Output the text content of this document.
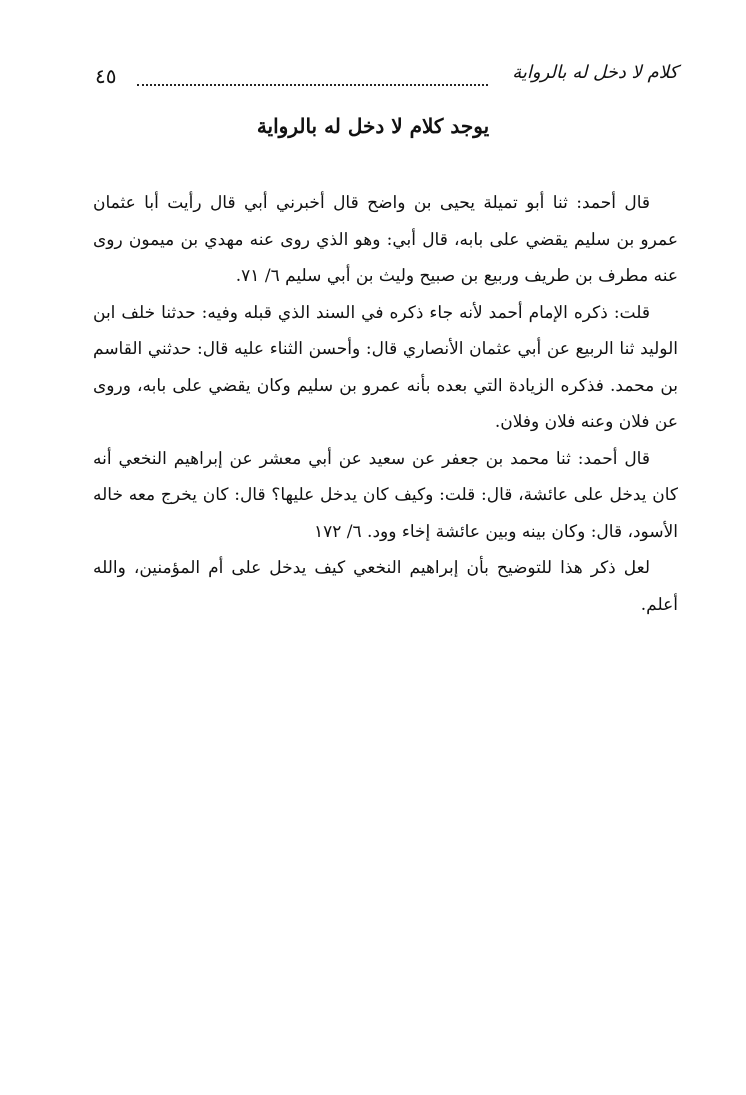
٤٥	كلام لا دخل له بالرواية
يوجد كلام لا دخل له بالرواية

قال أحمد: ثنا أبو تميلة يحيى بن واضح قال أخبرني أبي قال رأيت أبا عثمان عمرو بن سليم يقضي على بابه، قال أبي: وهو الذي روى عنه مهدي بن ميمون روى عنه مطرف بن طريف وربيع بن صبيح وليث بن أبي سليم ٦/ ٧١.

قلت: ذكره الإمام أحمد لأنه جاء ذكره في السند الذي قبله وفيه: حدثنا خلف ابن الوليد ثنا الربيع عن أبي عثمان الأنصاري قال: وأحسن الثناء عليه قال: حدثني القاسم بن محمد. فذكره الزيادة التي بعده بأنه عمرو بن سليم وكان يقضي على بابه، وروى عن فلان وعنه فلان وفلان.

قال أحمد: ثنا محمد بن جعفر عن سعيد عن أبي معشر عن إبراهيم النخعي أنه كان يدخل على عائشة، قال: قلت: وكيف كان يدخل عليها؟ قال: كان يخرج معه خاله الأسود، قال: وكان بينه وبين عائشة إخاء وود. ٦/ ١٧٢

لعل ذكر هذا للتوضيح بأن إبراهيم النخعي كيف يدخل على أم المؤمنين، والله أعلم.
